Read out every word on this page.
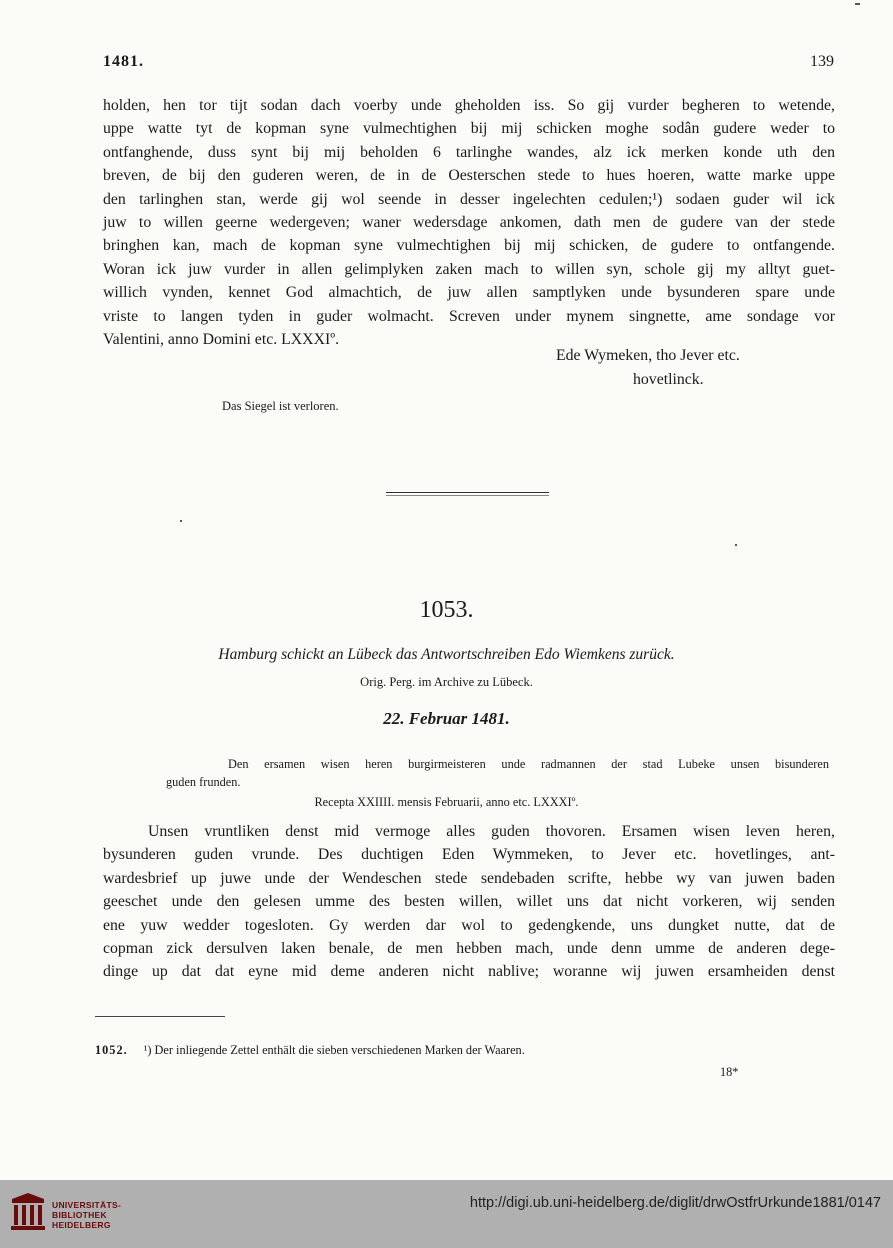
1481.	139
holden, hen tor tijt sodan dach voerby unde gheholden iss. So gij vurder begheren to wetende,
uppe watte tyt de kopman syne vulmechtighen bij mij schicken moghe sodân gudere weder to
ontfanghende, duss synt bij mij beholden 6 tarlinghe wandes, alz ick merken konde uth den
breven, de bij den guderen weren, de in de Oesterschen stede to hues hoeren, watte marke uppe
den tarlinghen stan, werde gij wol seende in desser ingelechten cedulen;¹) sodaen guder wil ick
juw to willen geerne wedergeven; waner wedersdage ankomen, dath men de gudere van der stede
bringhen kan, mach de kopman syne vulmechtighen bij mij schicken, de gudere to ontfangende.
Woran ick juw vurder in allen gelimplyken zaken mach to willen syn, schole gij my alltyt guet-
willich vynden, kennet God almachtich, de juw allen samptlyken unde bysunderen spare unde
vriste to langen tyden in guder wolmacht. Screven under mynem singnette, ame sondage vor
Valentini, anno Domini etc. LXXXIº.
Ede Wymeken, tho Jever etc.
hovetlinck.
Das Siegel ist verloren.
1053.
Hamburg schickt an Lübeck das Antwortschreiben Edo Wiemkens zurück.
Orig. Perg. im Archive zu Lübeck.
22. Februar 1481.
Den ersamen wisen heren burgirmeisteren unde radmannen der stad Lubeke unsen bisunderen
guden frunden.
Recepta XXIIII. mensis Februarii, anno etc. LXXXIº.
Unsen vruntliken denst mid vermoge alles guden thovoren. Ersamen wisen leven heren,
bysunderen guden vrunde. Des duchtigen Eden Wymmeken, to Jever etc. hovetlinges, ant-
wardesbrief up juwe unde der Wendeschen stede sendebaden scrifte, hebbe wy van juwen baden
geeschet unde den gelesen umme des besten willen, willet uns dat nicht vorkeren, wij senden
ene yuw wedder togesloten. Gy werden dar wol to gedengkende, uns dungket nutte, dat de
copman zick dersulven laken benale, de men hebben mach, unde denn umme de anderen dege-
dinge up dat dat eyne mid deme anderen nicht nablive; woranne wij juwen ersamheiden denst
1052. ¹) Der inliegende Zettel enthält die sieben verschiedenen Marken der Waaren.
18*
UNIVERSITÄTS-
BIBLIOTHEK
HEIDELBERG
http://digi.ub.uni-heidelberg.de/diglit/drwOstfrUrkunde1881/0147
